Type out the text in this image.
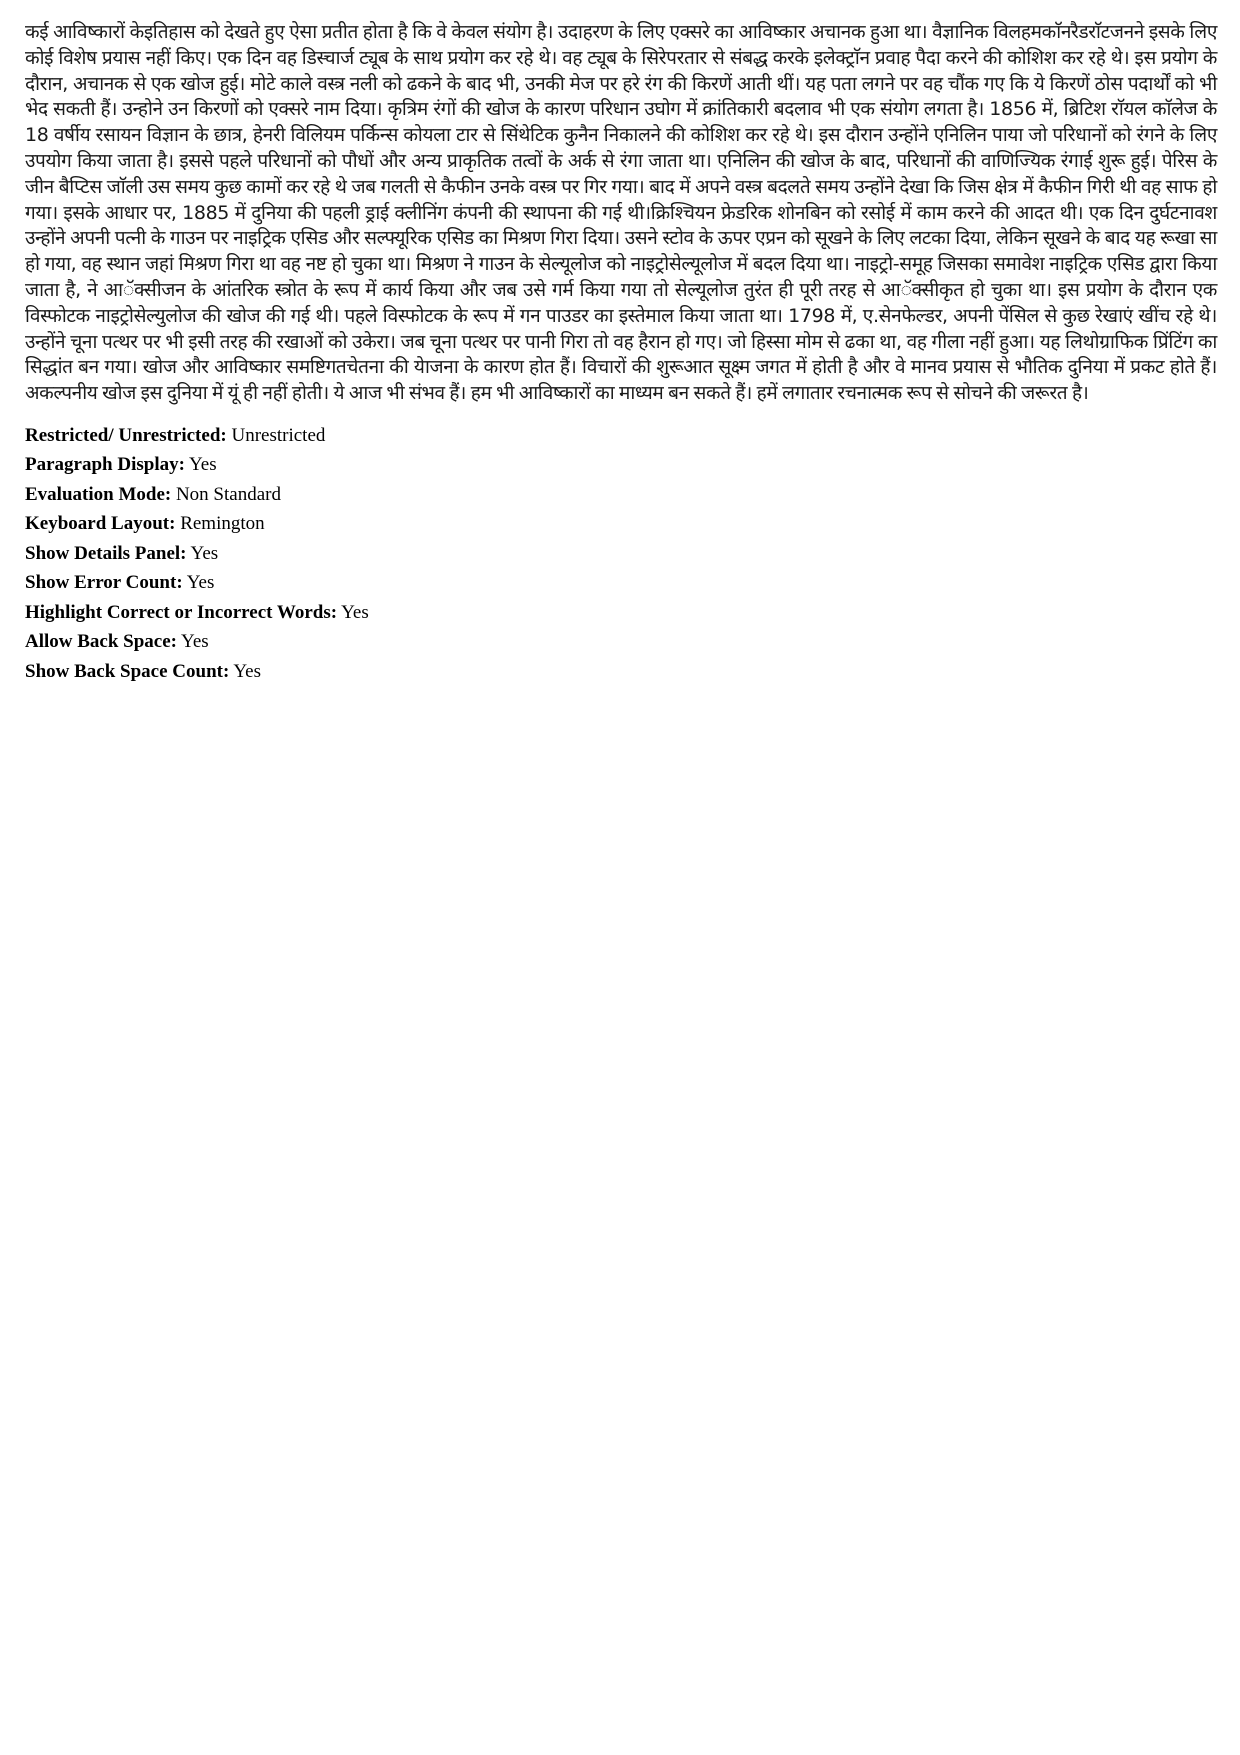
कई आविष्कारों केइतिहास को देखते हुए ऐसा प्रतीत होता है कि वे केवल संयोग है। उदाहरण के लिए एक्सरे का आविष्कार अचानक हुआ था। वैज्ञानिक विलहमकाॅनरैडराॅटजनने इसके लिए कोई विशेष प्रयास नहीं किए। एक दिन वह डिस्चार्ज ट्यूब के साथ प्रयोग कर रहे थे। वह ट्यूब के सिरेपरतार से संबद्ध करके इलेक्ट्राॅन प्रवाह पैदा करने की कोशिश कर रहे थे। इस प्रयोग के दौरान, अचानक से एक खोज हुई। मोटे काले वस्त्र नली को ढकने के बाद भी, उनकी मेज पर हरे रंग की किरणें आती थीं। यह पता लगने पर वह चौंक गए कि ये किरणें ठोस पदार्थाें को भी भेद सकती हैं। उन्होने उन किरणों को एक्सरे नाम दिया। कृत्रिम रंगों की खोज के कारण परिधान उघोग में क्रांतिकारी बदलाव भी एक संयोग लगता है। 1856 में, ब्रिटिश राॅयल काॅलेज के 18 वर्षीय रसायन विज्ञान के छात्र, हेनरी विलियम पर्किन्स कोयला टार से सिंथेटिक कुनैन निकालने की कोशिश कर रहे थे। इस दौरान उन्होंने एनिलिन पाया जो परिधानों को रंगने के लिए उपयोग किया जाता है। इससे पहले परिधानों को पौधों और अन्य प्राकृतिक तत्वों के अर्क से रंगा जाता था। एनिलिन की खोज के बाद, परिधानों की वाणिज्यिक रंगाई शुरू हुई। पेरिस के जीन बैप्टिस जाॅली उस समय कुछ कामों कर रहे थे जब गलती से कैफीन उनके वस्त्र पर गिर गया। बाद में अपने वस्त्र बदलते समय उन्होंने देखा कि जिस क्षेत्र में कैफीन गिरी थी वह साफ हो गया। इसके आधार पर, 1885 में दुनिया की पहली ड्राई क्लीनिंग कंपनी की स्थापना की गई थी।क्रिश्चियन फ्रेडरिक शोनबिन को रसोई में काम करने की आदत थी। एक दिन दुर्घटनावश उन्होंने अपनी पत्नी के गाउन पर नाइट्रिक एसिड और सल्फ्यूरिक एसिड का मिश्रण गिरा दिया। उसने स्टोव के ऊपर एप्रन को सूखने के लिए लटका दिया, लेकिन सूखने के बाद यह रूखा सा हो गया, वह स्थान जहां मिश्रण गिरा था वह नष्ट हो चुका था। मिश्रण ने गाउन के सेल्यूलोज को नाइट्रोसेल्यूलोज में बदल दिया था। नाइट्रो-समूह जिसका समावेश नाइट्रिक एसिड द्वारा किया जाता है, ने आॅक्सीजन के आंतरिक स्त्रोत के रूप में कार्य किया और जब उसे गर्म किया गया तो सेल्यूलोज तुरंत ही पूरी तरह से आॅक्सीकृत हो चुका था। इस प्रयोग के दौरान एक विस्फोटक नाइट्रोसेल्युलोज की खोज की गई थी। पहले विस्फोटक के रूप में गन पाउडर का इस्तेमाल किया जाता था। 1798 में, ए.सेनफेल्डर, अपनी पेंसिल से कुछ रेखाएं खींच रहे थे। उन्होंने चूना पत्थर पर भी इसी तरह की रखाओं को उकेरा। जब चूना पत्थर पर पानी गिरा तो वह हैरान हो गए। जो हिस्सा मोम से ढका था, वह गीला नहीं हुआ। यह लिथोग्राफिक प्रिंटिंग का सिद्धांत बन गया। खोज और आविष्कार समष्टिगतचेतना की येाजना के कारण होत हैं। विचारों की शुरूआत सूक्ष्म जगत में होती है और वे मानव प्रयास से भौतिक दुनिया में प्रकट होते हैं। अकल्पनीय खोज इस दुनिया में यूं ही नहीं होती। ये आज भी संभव हैं। हम भी आविष्कारों का माध्यम बन सकते हैं। हमें लगातार रचनात्मक रूप से सोचने की जरूरत है।

Restricted/ Unrestricted: Unrestricted
Paragraph Display: Yes
Evaluation Mode: Non Standard
Keyboard Layout: Remington
Show Details Panel: Yes
Show Error Count: Yes
Highlight Correct or Incorrect Words: Yes
Allow Back Space: Yes
Show Back Space Count: Yes
